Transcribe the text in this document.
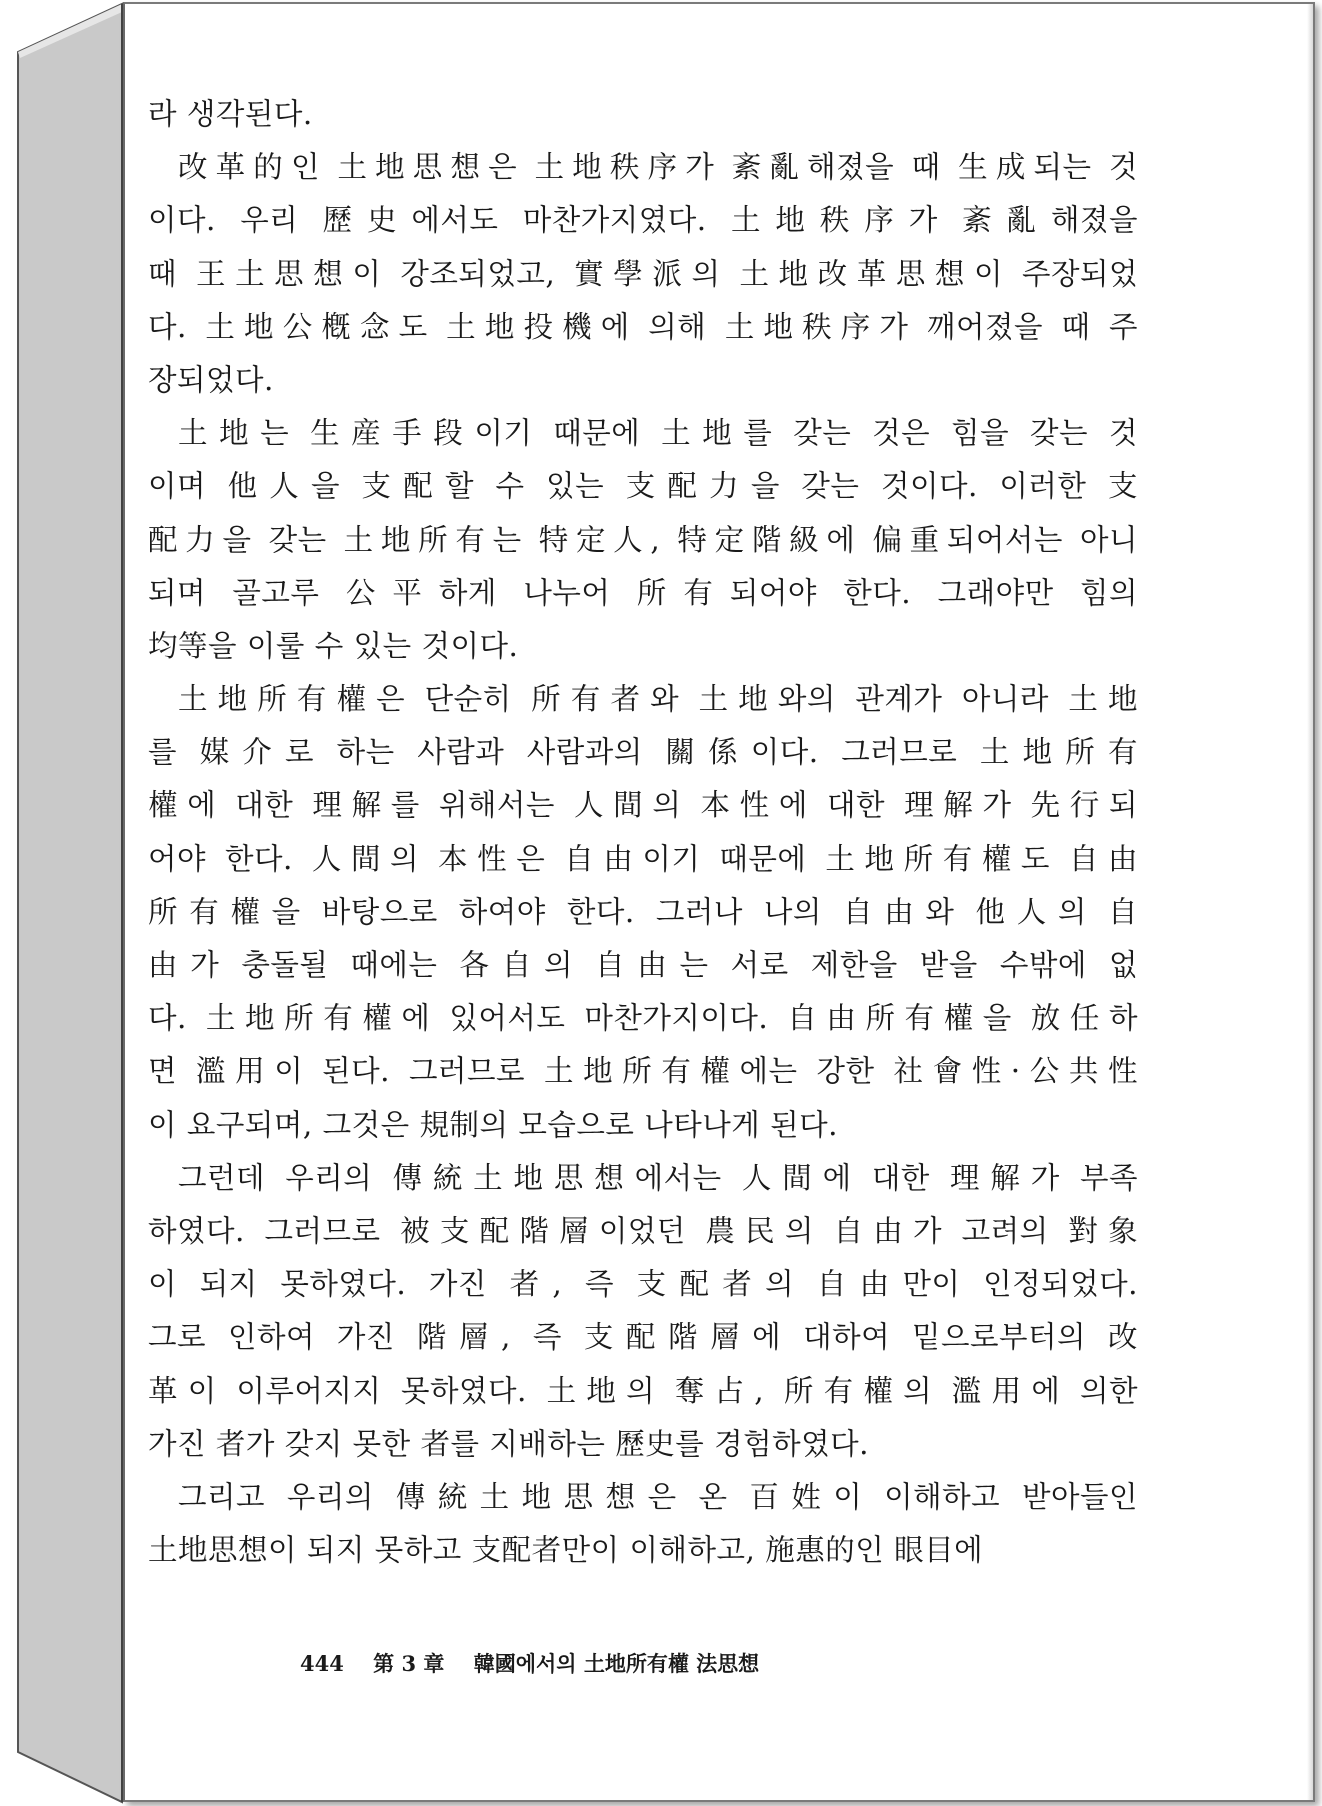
라 생각된다.
改革的인 土地思想은 土地秩序가 紊亂해졌을 때 生成되는 것
이다. 우리 歷史에서도 마찬가지였다. 土地秩序가 紊亂해졌을
때 王土思想이 강조되었고, 實學派의 土地改革思想이 주장되었
다. 土地公槪念도 土地投機에 의해 土地秩序가 깨어졌을 때 주
장되었다.
土地는 生産手段이기 때문에 土地를 갖는 것은 힘을 갖는 것
이며 他人을 支配할 수 있는 支配力을 갖는 것이다. 이러한 支
配力을 갖는 土地所有는 特定人, 特定階級에 偏重되어서는 아니
되며 골고루 公平하게 나누어 所有되어야 한다. 그래야만 힘의
均等을 이룰 수 있는 것이다.
土地所有權은 단순히 所有者와 土地와의 관계가 아니라 土地
를 媒介로 하는 사람과 사람과의 關係이다. 그러므로 土地所有
權에 대한 理解를 위해서는 人間의 本性에 대한 理解가 先行되
어야 한다. 人間의 本性은 自由이기 때문에 土地所有權도 自由
所有權을 바탕으로 하여야 한다. 그러나 나의 自由와 他人의 自
由가 충돌될 때에는 各自의 自由는 서로 제한을 받을 수밖에 없
다. 土地所有權에 있어서도 마찬가지이다. 自由所有權을 放任하
면 濫用이 된다. 그러므로 土地所有權에는 강한 社會性·公共性
이 요구되며, 그것은 規制의 모습으로 나타나게 된다.
그런데 우리의 傳統土地思想에서는 人間에 대한 理解가 부족
하였다. 그러므로 被支配階層이었던 農民의 自由가 고려의 對象
이 되지 못하였다. 가진 者, 즉 支配者의 自由만이 인정되었다.
그로 인하여 가진 階層, 즉 支配階層에 대하여 밑으로부터의 改
革이 이루어지지 못하였다. 土地의 奪占, 所有權의 濫用에 의한
가진 者가 갖지 못한 者를 지배하는 歷史를 경험하였다.
그리고 우리의 傳統土地思想은 온 百姓이 이해하고 받아들인
土地思想이 되지 못하고 支配者만이 이해하고, 施惠的인 眼目에
444 第 3 章 韓國에서의 土地所有權 法思想
